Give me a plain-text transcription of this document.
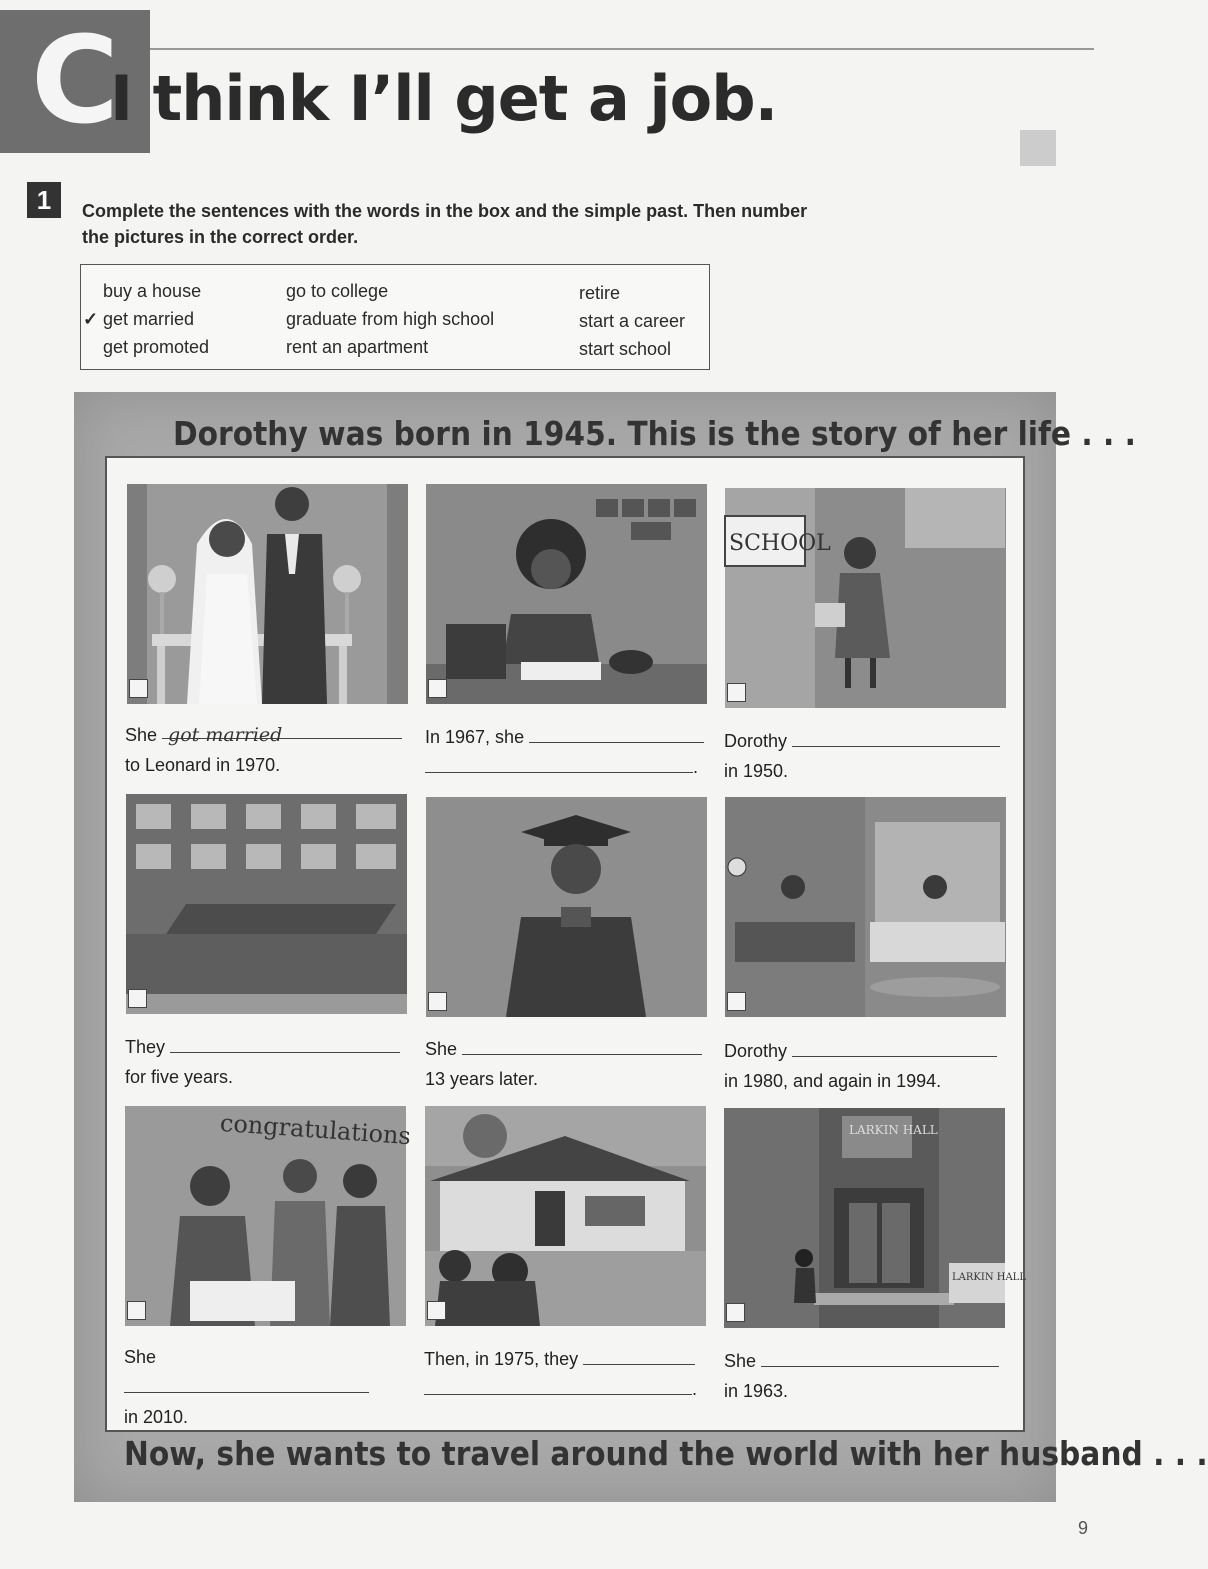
C
I think I’ll get a job.
1	Complete the sentences with the words in the box and the simple past. Then number the pictures in the correct order.
buy a house
✓ get married
get promoted
go to college
graduate from high school
rent an apartment
retire
start a career
start school
Dorothy was born in 1945. This is the story of her life . . .
She got married
to Leonard in 1970.
In 1967, she
.
SCHOOL
Dorothy
in 1950.
They
for five years.
She
13 years later.
Dorothy
in 1980, and again in 1994.
congratulations
She
in 2010.
Then, in 1975, they
.
LARKIN HALL
LARKIN HALL
She
in 1963.
Now, she wants to travel around the world with her husband . . .
9
